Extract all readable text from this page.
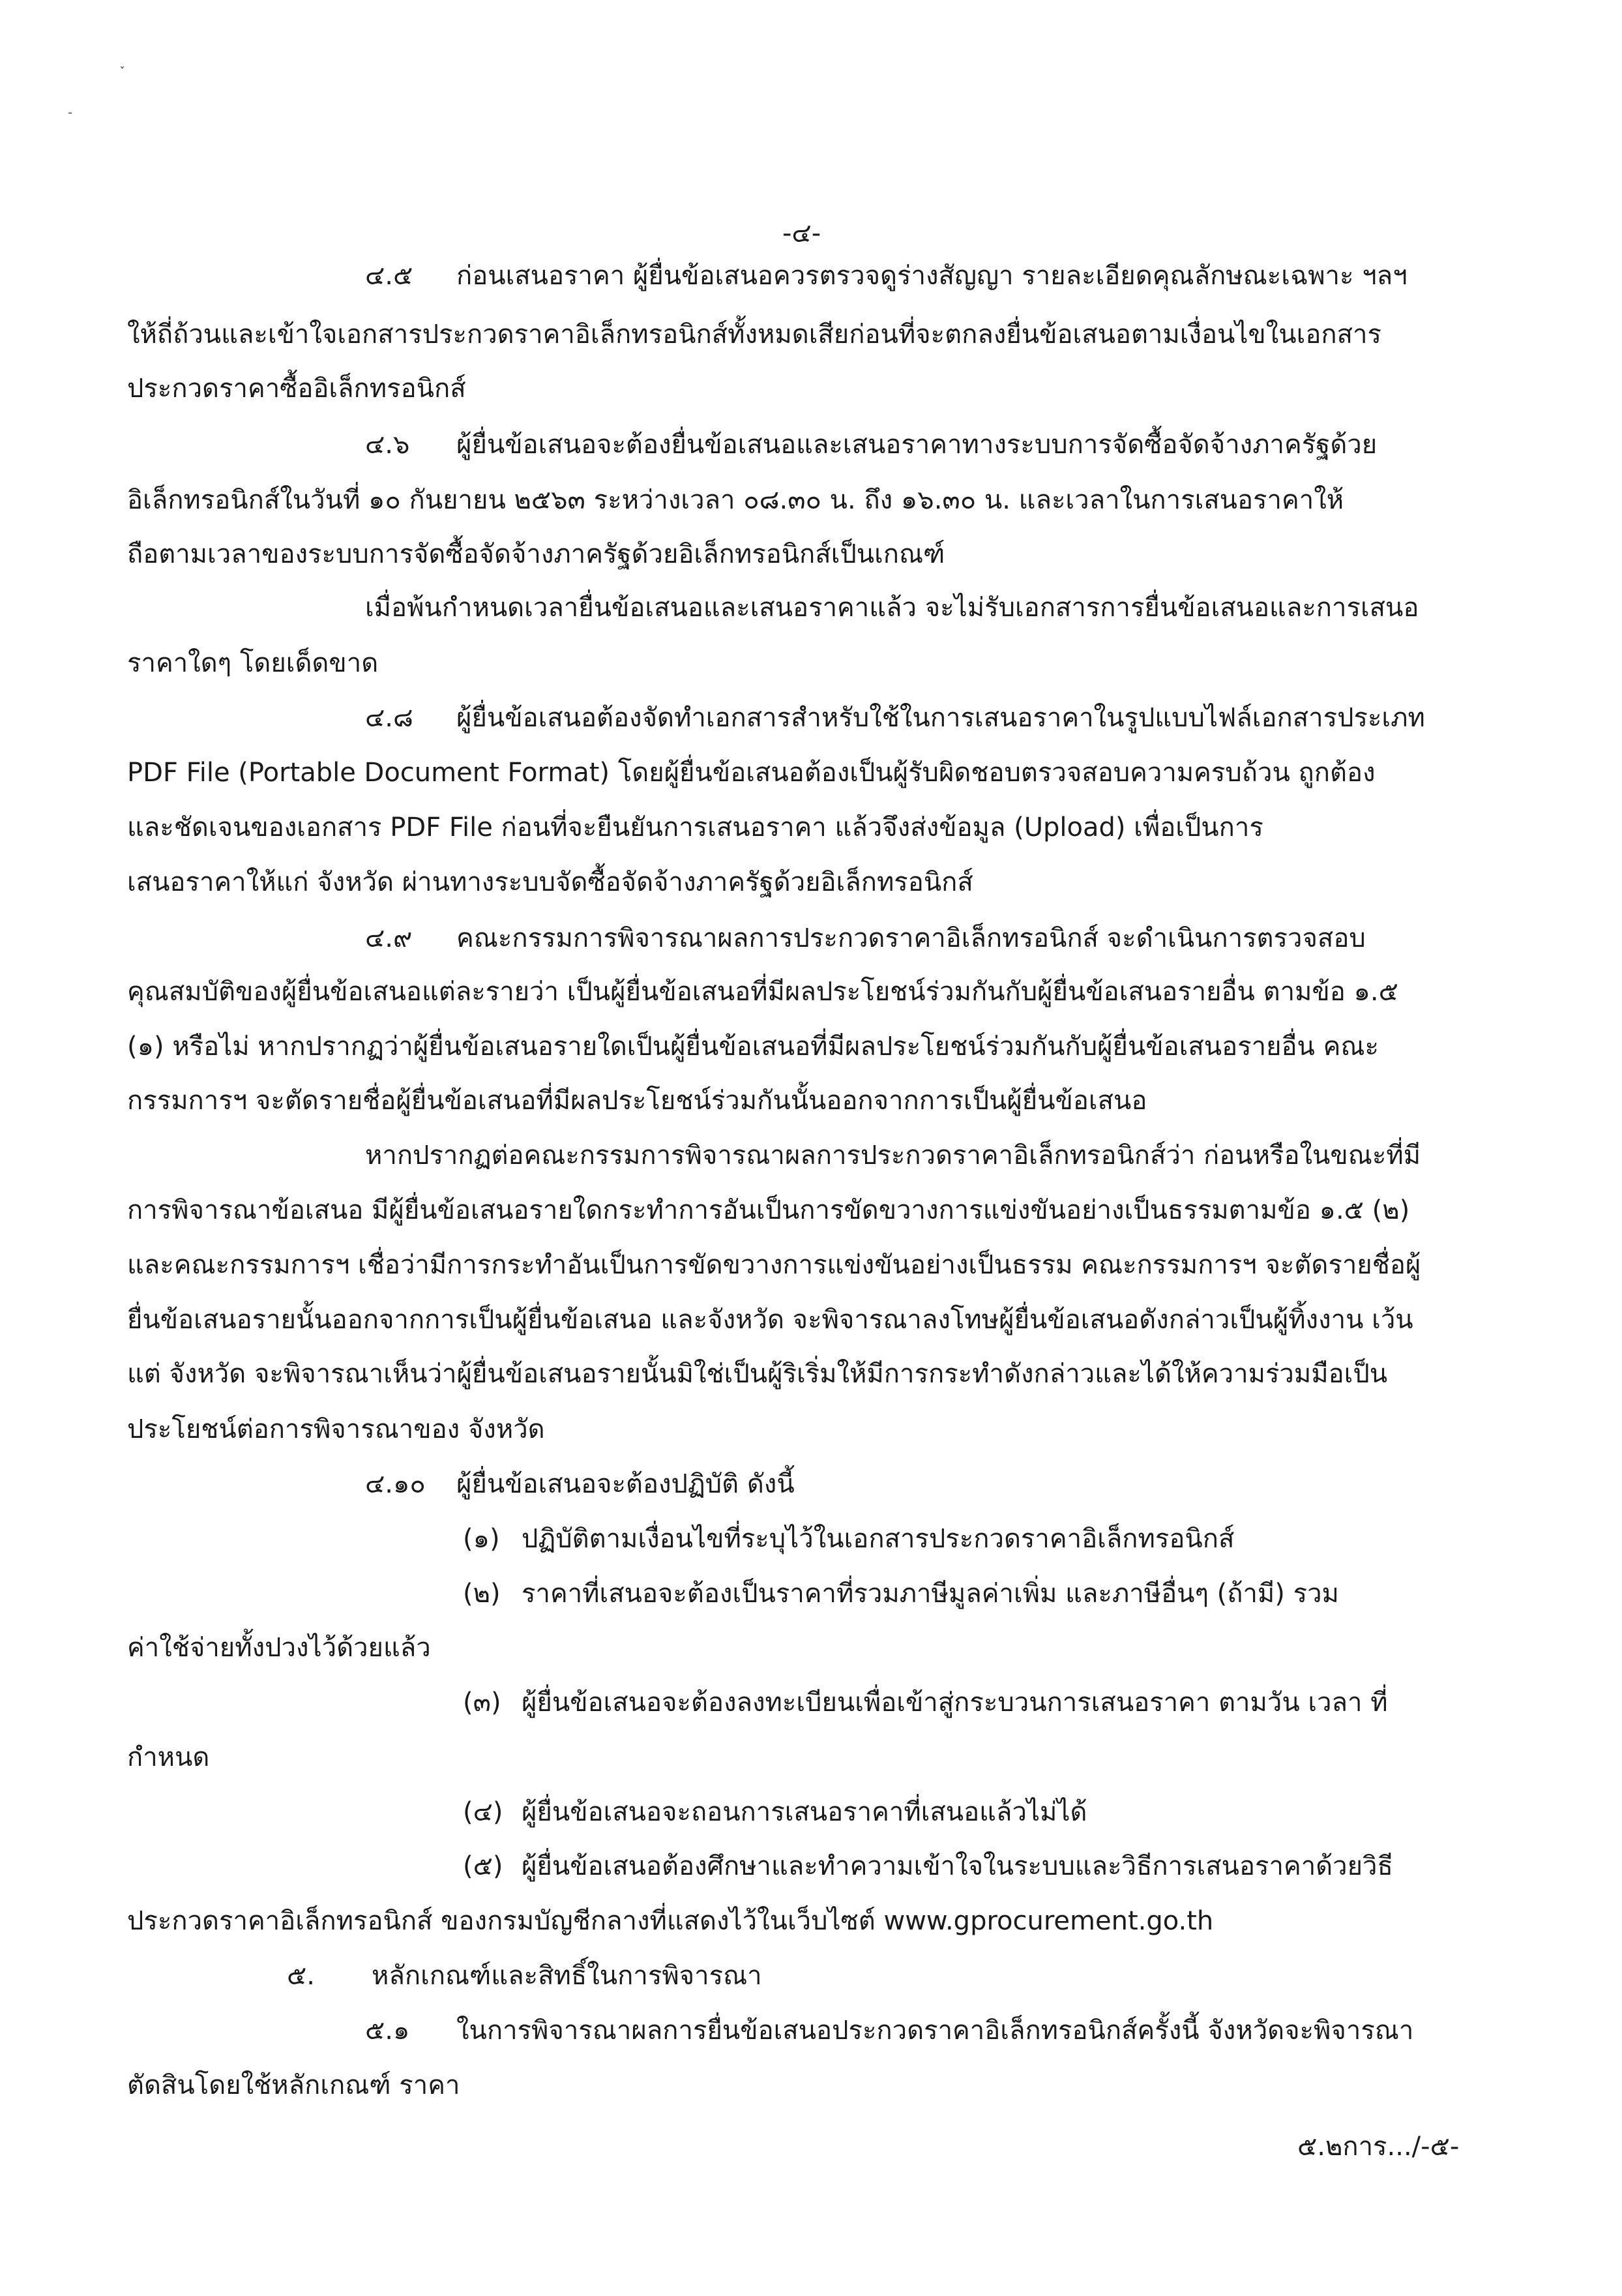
-๔-
๔.๕ ก่อนเสนอราคา ผู้ยื่นข้อเสนอควรตรวจดูร่างสัญญา รายละเอียดคุณลักษณะเฉพาะ ฯลฯ
ให้ถี่ถ้วนและเข้าใจเอกสารประกวดราคาอิเล็กทรอนิกส์ทั้งหมดเสียก่อนที่จะตกลงยื่นข้อเสนอตามเงื่อนไขในเอกสาร
ประกวดราคาซื้ออิเล็กทรอนิกส์
๔.๖ ผู้ยื่นข้อเสนอจะต้องยื่นข้อเสนอและเสนอราคาทางระบบการจัดซื้อจัดจ้างภาครัฐด้วย
อิเล็กทรอนิกส์ในวันที่ ๑๐ กันยายน ๒๕๖๓ ระหว่างเวลา ๐๘.๓๐ น. ถึง ๑๖.๓๐ น. และเวลาในการเสนอราคาให้
ถือตามเวลาของระบบการจัดซื้อจัดจ้างภาครัฐด้วยอิเล็กทรอนิกส์เป็นเกณฑ์
เมื่อพ้นกำหนดเวลายื่นข้อเสนอและเสนอราคาแล้ว จะไม่รับเอกสารการยื่นข้อเสนอและการเสนอ
ราคาใดๆ โดยเด็ดขาด
๔.๘ ผู้ยื่นข้อเสนอต้องจัดทำเอกสารสำหรับใช้ในการเสนอราคาในรูปแบบไฟล์เอกสารประเภท
PDF File (Portable Document Format) โดยผู้ยื่นข้อเสนอต้องเป็นผู้รับผิดชอบตรวจสอบความครบถ้วน ถูกต้อง
และชัดเจนของเอกสาร PDF File ก่อนที่จะยืนยันการเสนอราคา แล้วจึงส่งข้อมูล (Upload) เพื่อเป็นการ
เสนอราคาให้แก่ จังหวัด ผ่านทางระบบจัดซื้อจัดจ้างภาครัฐด้วยอิเล็กทรอนิกส์
๔.๙ คณะกรรมการพิจารณาผลการประกวดราคาอิเล็กทรอนิกส์ จะดำเนินการตรวจสอบ
คุณสมบัติของผู้ยื่นข้อเสนอแต่ละรายว่า เป็นผู้ยื่นข้อเสนอที่มีผลประโยชน์ร่วมกันกับผู้ยื่นข้อเสนอรายอื่น ตามข้อ ๑.๕
(๑) หรือไม่ หากปรากฏว่าผู้ยื่นข้อเสนอรายใดเป็นผู้ยื่นข้อเสนอที่มีผลประโยชน์ร่วมกันกับผู้ยื่นข้อเสนอรายอื่น คณะ
กรรมการฯ จะตัดรายชื่อผู้ยื่นข้อเสนอที่มีผลประโยชน์ร่วมกันนั้นออกจากการเป็นผู้ยื่นข้อเสนอ
หากปรากฏต่อคณะกรรมการพิจารณาผลการประกวดราคาอิเล็กทรอนิกส์ว่า ก่อนหรือในขณะที่มี
การพิจารณาข้อเสนอ มีผู้ยื่นข้อเสนอรายใดกระทำการอันเป็นการขัดขวางการแข่งขันอย่างเป็นธรรมตามข้อ ๑.๕ (๒)
และคณะกรรมการฯ เชื่อว่ามีการกระทำอันเป็นการขัดขวางการแข่งขันอย่างเป็นธรรม คณะกรรมการฯ จะตัดรายชื่อผู้
ยื่นข้อเสนอรายนั้นออกจากการเป็นผู้ยื่นข้อเสนอ และจังหวัด จะพิจารณาลงโทษผู้ยื่นข้อเสนอดังกล่าวเป็นผู้ทิ้งงาน เว้น
แต่ จังหวัด จะพิจารณาเห็นว่าผู้ยื่นข้อเสนอรายนั้นมิใช่เป็นผู้ริเริ่มให้มีการกระทำดังกล่าวและได้ให้ความร่วมมือเป็น
ประโยชน์ต่อการพิจารณาของ จังหวัด
๔.๑๐ ผู้ยื่นข้อเสนอจะต้องปฏิบัติ ดังนี้
(๑) ปฏิบัติตามเงื่อนไขที่ระบุไว้ในเอกสารประกวดราคาอิเล็กทรอนิกส์
(๒) ราคาที่เสนอจะต้องเป็นราคาที่รวมภาษีมูลค่าเพิ่ม และภาษีอื่นๆ (ถ้ามี) รวม
ค่าใช้จ่ายทั้งปวงไว้ด้วยแล้ว
(๓) ผู้ยื่นข้อเสนอจะต้องลงทะเบียนเพื่อเข้าสู่กระบวนการเสนอราคา ตามวัน เวลา ที่
กำหนด
(๔) ผู้ยื่นข้อเสนอจะถอนการเสนอราคาที่เสนอแล้วไม่ได้
(๕) ผู้ยื่นข้อเสนอต้องศึกษาและทำความเข้าใจในระบบและวิธีการเสนอราคาด้วยวิธี
ประกวดราคาอิเล็กทรอนิกส์ ของกรมบัญชีกลางที่แสดงไว้ในเว็บไซต์ www.gprocurement.go.th
๕. หลักเกณฑ์และสิทธิ์ในการพิจารณา
๕.๑ ในการพิจารณาผลการยื่นข้อเสนอประกวดราคาอิเล็กทรอนิกส์ครั้งนี้ จังหวัดจะพิจารณา
ตัดสินโดยใช้หลักเกณฑ์ ราคา
๕.๒การ.../-๕-
ˇ
¯
